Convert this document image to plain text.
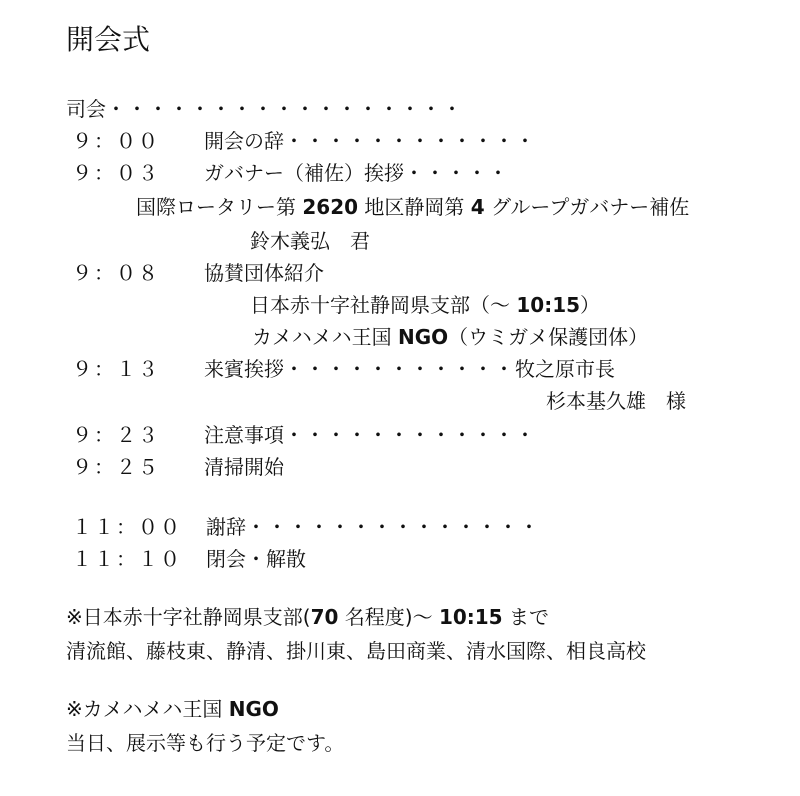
開会式
司会・・・・・・・・・・・・・・・・・
９：００ 開会の辞・・・・・・・・・・・・
９：０３ ガバナー（補佐）挨拶・・・・・
国際ロータリー第 2620 地区静岡第 4 グループガバナー補佐
鈴木義弘　君
９：０８ 協賛団体紹介
日本赤十字社静岡県支部（〜 10:15）
カメハメハ王国 NGO（ウミガメ保護団体）
９：１３ 来賓挨拶・・・・・・・・・・・牧之原市長
杉本基久雄　様
９：２３ 注意事項・・・・・・・・・・・・
９：２５ 清掃開始
１１：００ 謝辞・・・・・・・・・・・・・・
１１：１０ 閉会・解散
※日本赤十字社静岡県支部(70 名程度)〜 10:15 まで
清流館、藤枝東、静清、掛川東、島田商業、清水国際、相良高校
※カメハメハ王国 NGO
当日、展示等も行う予定です。
